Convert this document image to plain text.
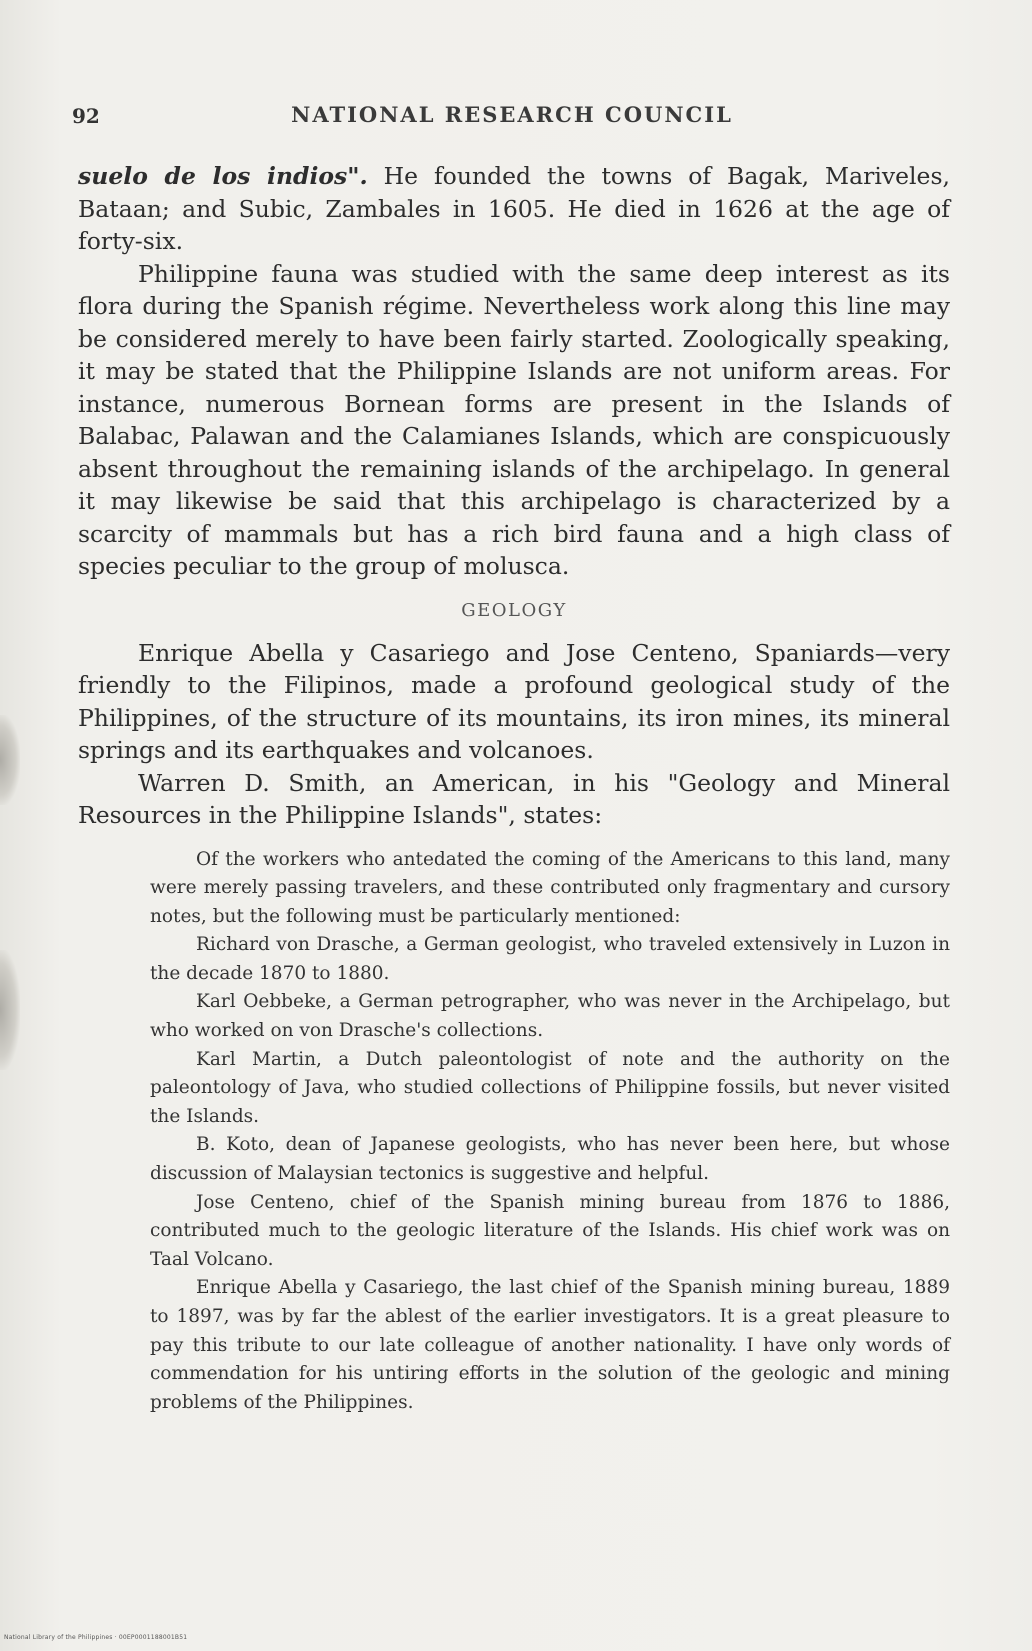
92	NATIONAL RESEARCH COUNCIL

suelo de los indios". He founded the towns of Bagak, Mariveles, Bataan; and Subic, Zambales in 1605. He died in 1626 at the age of forty-six.

Philippine fauna was studied with the same deep interest as its flora during the Spanish régime. Nevertheless work along this line may be considered merely to have been fairly started. Zoologically speaking, it may be stated that the Philippine Islands are not uniform areas. For instance, numerous Bornean forms are present in the Islands of Balabac, Palawan and the Calamianes Islands, which are conspicuously absent throughout the remaining islands of the archipelago. In general it may likewise be said that this archipelago is characterized by a scarcity of mammals but has a rich bird fauna and a high class of species peculiar to the group of molusca.

GEOLOGY

Enrique Abella y Casariego and Jose Centeno, Spaniards—very friendly to the Filipinos, made a profound geological study of the Philippines, of the structure of its mountains, its iron mines, its mineral springs and its earthquakes and volcanoes.

Warren D. Smith, an American, in his "Geology and Mineral Resources in the Philippine Islands", states:

Of the workers who antedated the coming of the Americans to this land, many were merely passing travelers, and these contributed only fragmentary and cursory notes, but the following must be particularly mentioned:

Richard von Drasche, a German geologist, who traveled extensively in Luzon in the decade 1870 to 1880.

Karl Oebbeke, a German petrographer, who was never in the Archipelago, but who worked on von Drasche's collections.

Karl Martin, a Dutch paleontologist of note and the authority on the paleontology of Java, who studied collections of Philippine fossils, but never visited the Islands.

B. Koto, dean of Japanese geologists, who has never been here, but whose discussion of Malaysian tectonics is suggestive and helpful.

Jose Centeno, chief of the Spanish mining bureau from 1876 to 1886, contributed much to the geologic literature of the Islands. His chief work was on Taal Volcano.

Enrique Abella y Casariego, the last chief of the Spanish mining bureau, 1889 to 1897, was by far the ablest of the earlier investigators. It is a great pleasure to pay this tribute to our late colleague of another nationality. I have only words of commendation for his untiring efforts in the solution of the geologic and mining problems of the Philippines.

National Library of the Philippines · 00EP0001188001B51
